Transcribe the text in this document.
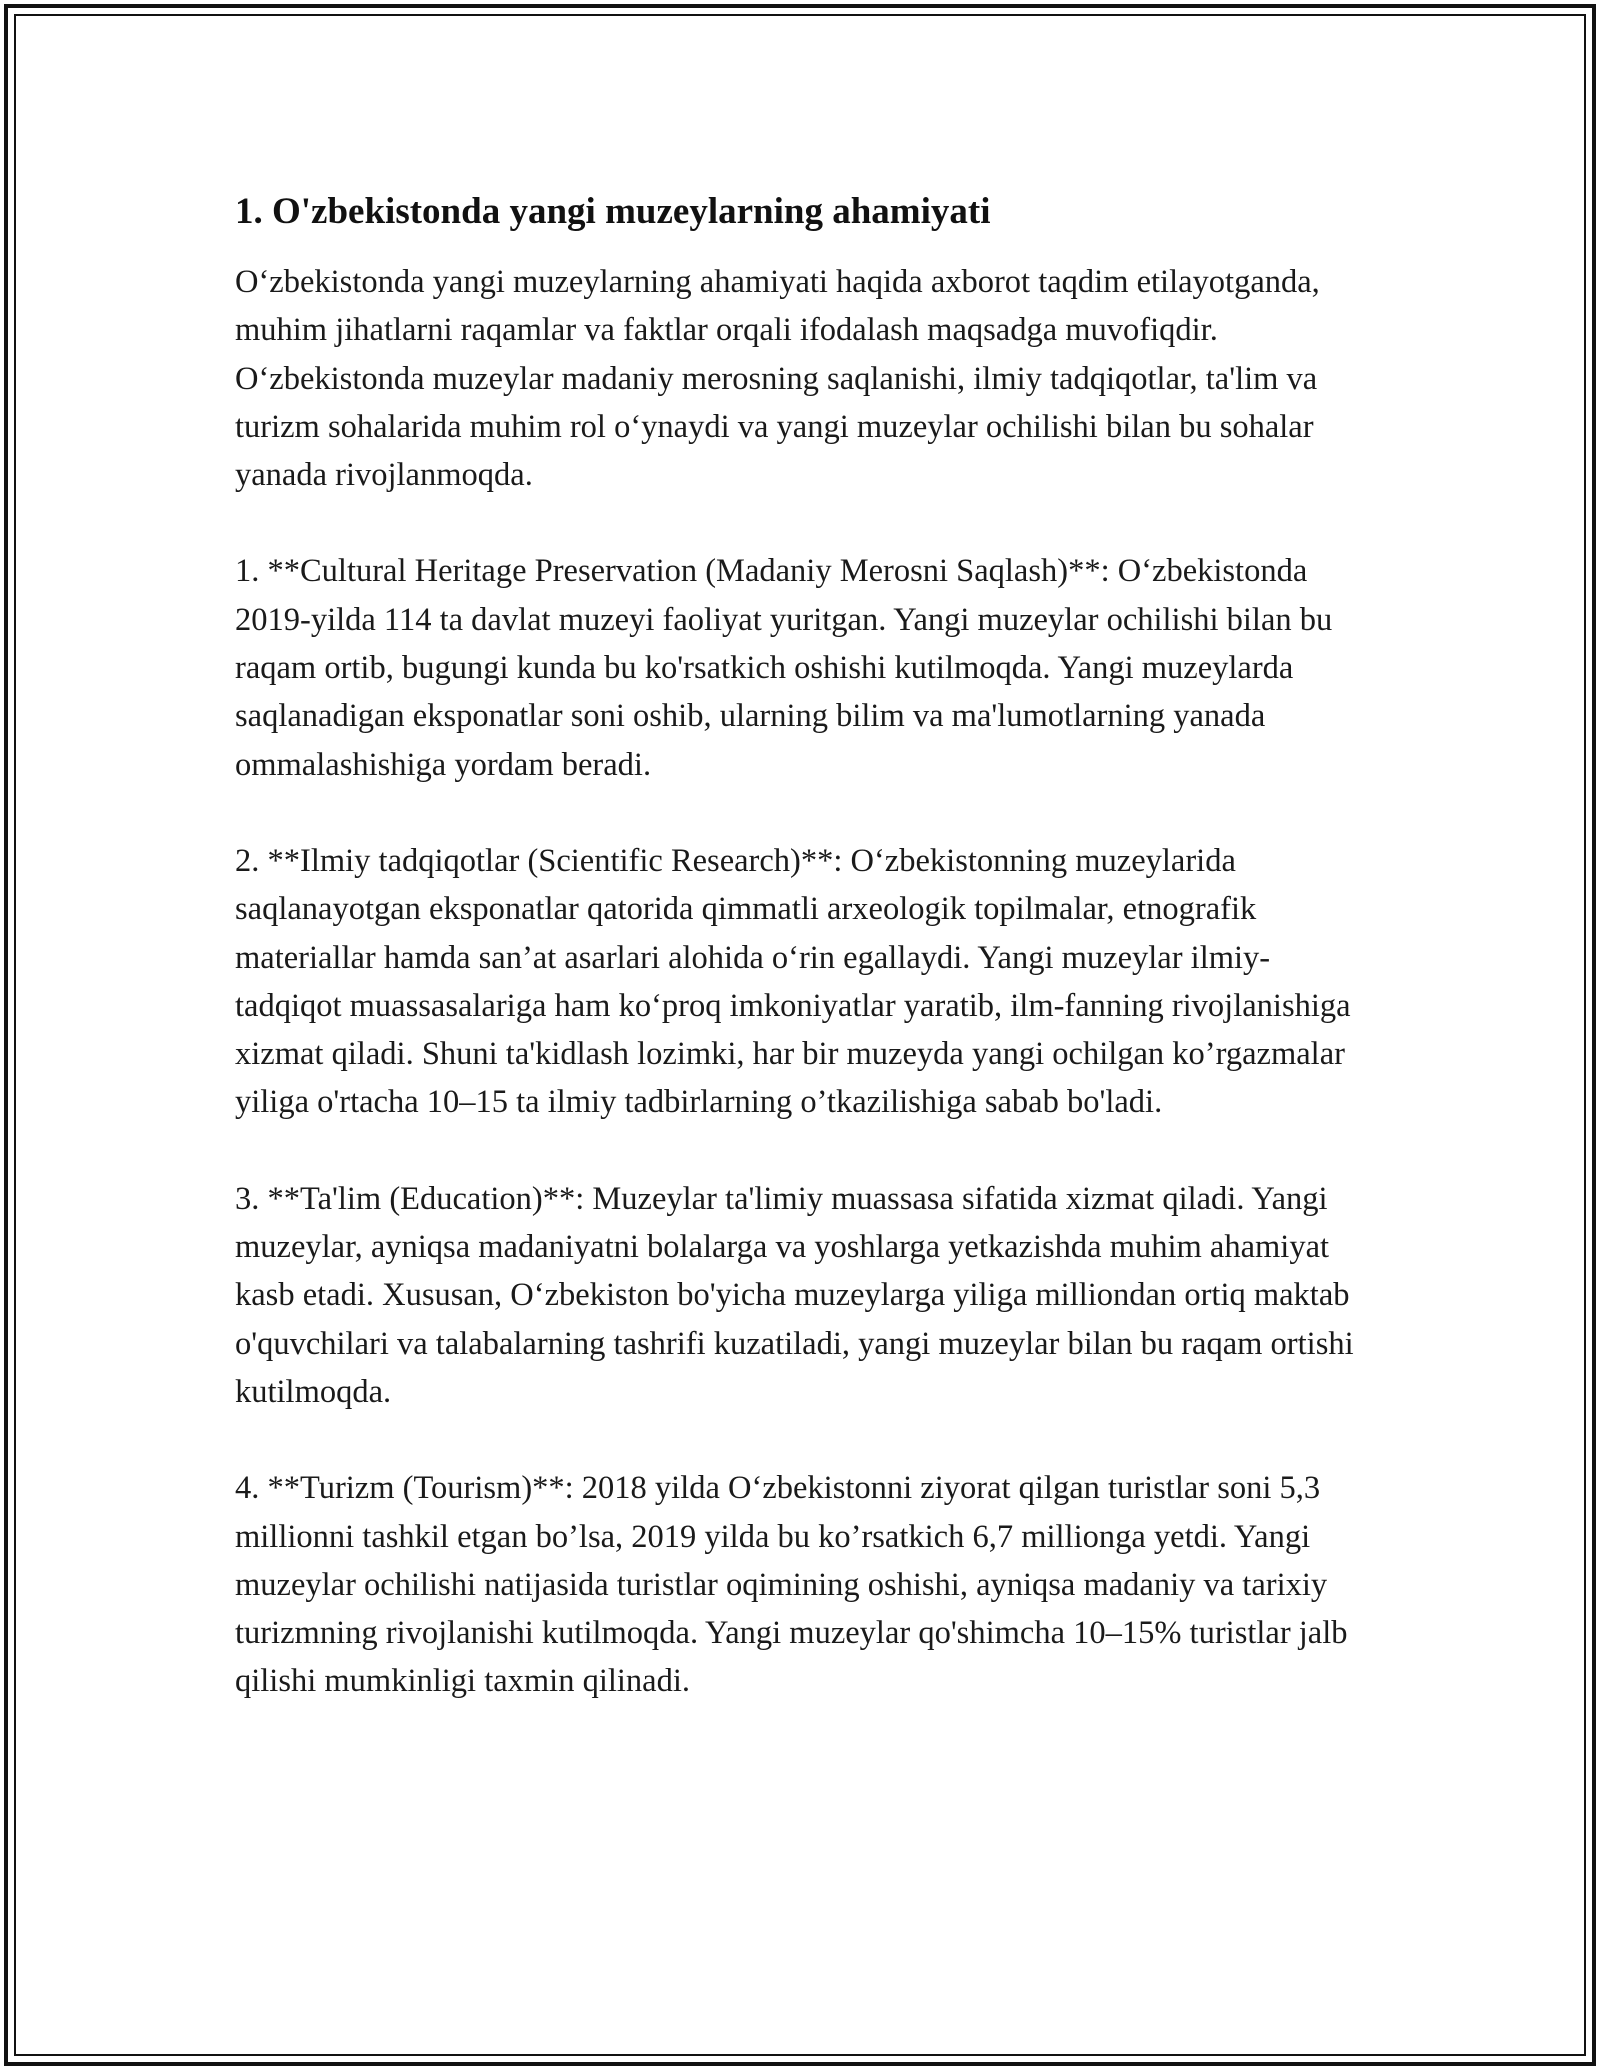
1. O'zbekistonda yangi muzeylarning ahamiyati

O‘zbekistonda yangi muzeylarning ahamiyati haqida axborot taqdim etilayotganda, muhim jihatlarni raqamlar va faktlar orqali ifodalash maqsadga muvofiqdir. O‘zbekistonda muzeylar madaniy merosning saqlanishi, ilmiy tadqiqotlar, ta'lim va turizm sohalarida muhim rol o‘ynaydi va yangi muzeylar ochilishi bilan bu sohalar yanada rivojlanmoqda.

1. **Cultural Heritage Preservation (Madaniy Merosni Saqlash)**: O‘zbekistonda 2019-yilda 114 ta davlat muzeyi faoliyat yuritgan. Yangi muzeylar ochilishi bilan bu raqam ortib, bugungi kunda bu ko'rsatkich oshishi kutilmoqda. Yangi muzeylarda saqlanadigan eksponatlar soni oshib, ularning bilim va ma'lumotlarning yanada ommalashishiga yordam beradi.

2. **Ilmiy tadqiqotlar (Scientific Research)**: O‘zbekistonning muzeylarida saqlanayotgan eksponatlar qatorida qimmatli arxeologik topilmalar, etnografik materiallar hamda san’at asarlari alohida o‘rin egallaydi. Yangi muzeylar ilmiy-tadqiqot muassasalariga ham ko‘proq imkoniyatlar yaratib, ilm-fanning rivojlanishiga xizmat qiladi. Shuni ta'kidlash lozimki, har bir muzeyda yangi ochilgan ko’rgazmalar yiliga o'rtacha 10–15 ta ilmiy tadbirlarning o’tkazilishiga sabab bo'ladi.

3. **Ta'lim (Education)**: Muzeylar ta'limiy muassasa sifatida xizmat qiladi. Yangi muzeylar, ayniqsa madaniyatni bolalarga va yoshlarga yetkazishda muhim ahamiyat kasb etadi. Xususan, O‘zbekiston bo'yicha muzeylarga yiliga milliondan ortiq maktab o'quvchilari va talabalarning tashrifi kuzatiladi, yangi muzeylar bilan bu raqam ortishi kutilmoqda.

4. **Turizm (Tourism)**: 2018 yilda O‘zbekistonni ziyorat qilgan turistlar soni 5,3 millionni tashkil etgan bo’lsa, 2019 yilda bu ko’rsatkich 6,7 millionga yetdi. Yangi muzeylar ochilishi natijasida turistlar oqimining oshishi, ayniqsa madaniy va tarixiy turizmning rivojlanishi kutilmoqda. Yangi muzeylar qo'shimcha 10–15% turistlar jalb qilishi mumkinligi taxmin qilinadi.
